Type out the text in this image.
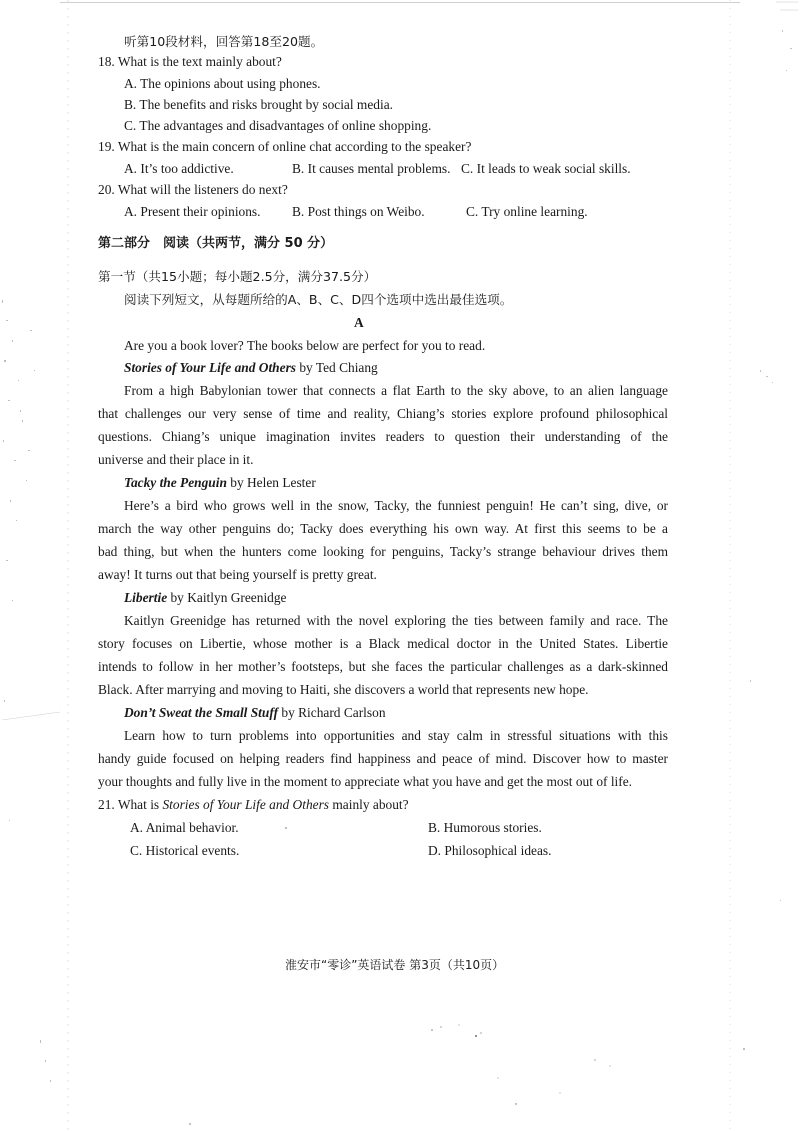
听第10段材料，回答第18至20题。
18. What is the text mainly about?
A. The opinions about using phones.
B. The benefits and risks brought by social media.
C. The advantages and disadvantages of online shopping.
19. What is the main concern of online chat according to the speaker?
A. It’s too addictive.	B. It causes mental problems. C. It leads to weak social skills.
20. What will the listeners do next?
A. Present their opinions. B. Post things on Weibo.	C. Try online learning.
第二部分　阅读（共两节，满分 50 分）
第一节（共15小题；每小题2.5分，满分37.5分）
阅读下列短文，从每题所给的A、B、C、D四个选项中选出最佳选项。
A
Are you a book lover? The books below are perfect for you to read.
Stories of Your Life and Others by Ted Chiang
From a high Babylonian tower that connects a flat Earth to the sky above, to an alien language
that challenges our very sense of time and reality, Chiang’s stories explore profound philosophical
questions. Chiang’s unique imagination invites readers to question their understanding of the
universe and their place in it.
Tacky the Penguin by Helen Lester
Here’s a bird who grows well in the snow, Tacky, the funniest penguin! He can’t sing, dive, or
march the way other penguins do; Tacky does everything his own way. At first this seems to be a
bad thing, but when the hunters come looking for penguins, Tacky’s strange behaviour drives them
away! It turns out that being yourself is pretty great.
Libertie by Kaitlyn Greenidge
Kaitlyn Greenidge has returned with the novel exploring the ties between family and race. The
story focuses on Libertie, whose mother is a Black medical doctor in the United States. Libertie
intends to follow in her mother’s footsteps, but she faces the particular challenges as a dark-skinned
Black. After marrying and moving to Haiti, she discovers a world that represents new hope.
Don’t Sweat the Small Stuff by Richard Carlson
Learn how to turn problems into opportunities and stay calm in stressful situations with this
handy guide focused on helping readers find happiness and peace of mind. Discover how to master
your thoughts and fully live in the moment to appreciate what you have and get the most out of life.
21. What is Stories of Your Life and Others mainly about?
A. Animal behavior.	B. Humorous stories.
C. Historical events.	D. Philosophical ideas.
淮安市“零诊”英语试卷 第3页（共10页）
